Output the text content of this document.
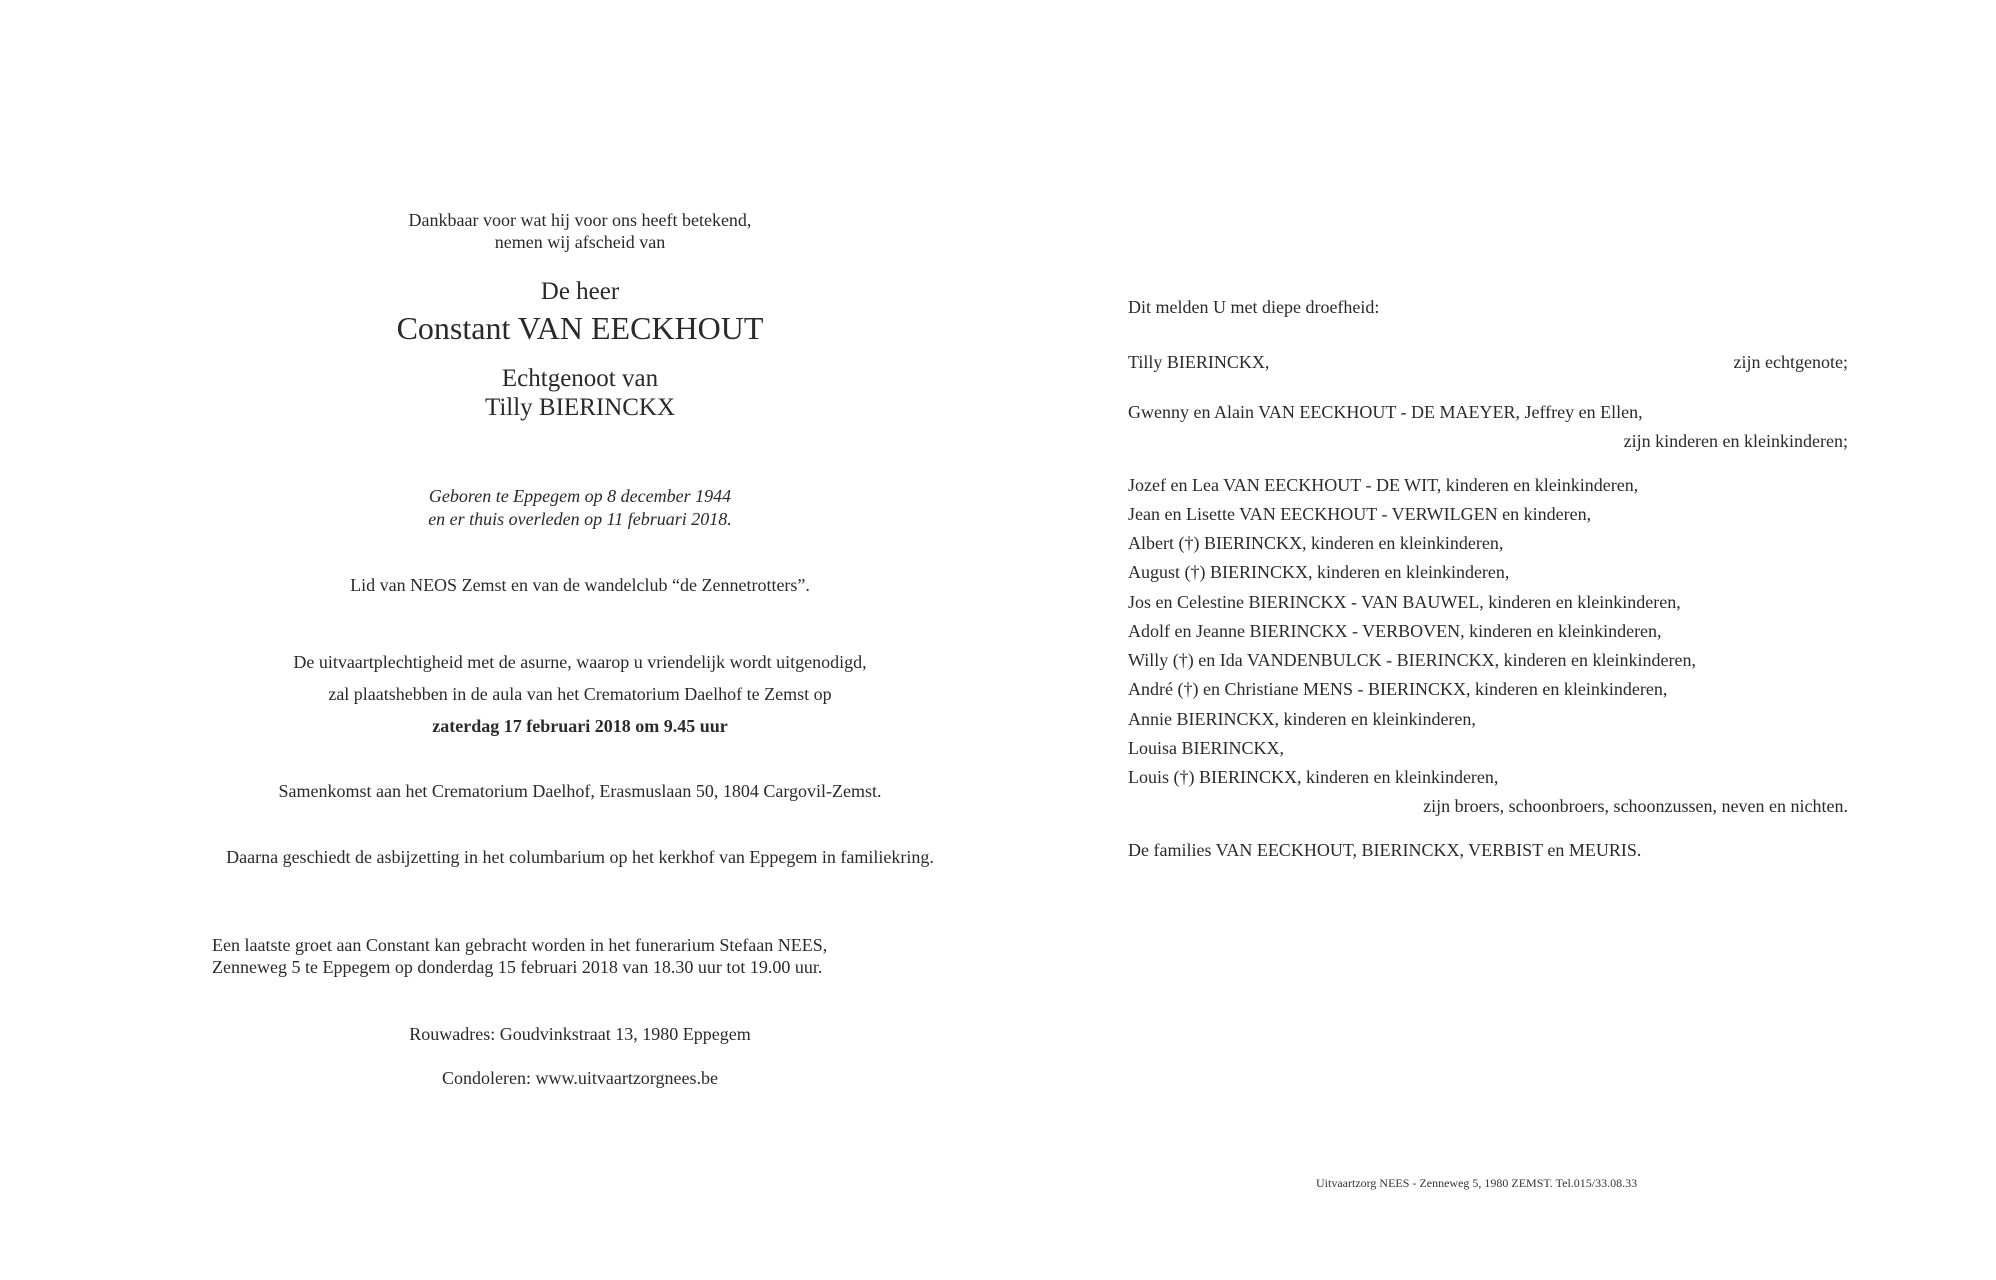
Dankbaar voor wat hij voor ons heeft betekend,
nemen wij afscheid van
De heer
Constant VAN EECKHOUT
Echtgenoot van
Tilly BIERINCKX
Geboren te Eppegem op 8 december 1944
en er thuis overleden op 11 februari 2018.
Lid van NEOS Zemst en van de wandelclub “de Zennetrotters”.
De uitvaartplechtigheid met de asurne, waarop u vriendelijk wordt uitgenodigd,
zal plaatshebben in de aula van het Crematorium Daelhof te Zemst op
zaterdag 17 februari 2018 om 9.45 uur
Samenkomst aan het Crematorium Daelhof, Erasmuslaan 50, 1804 Cargovil-Zemst.
Daarna geschiedt de asbijzetting in het columbarium op het kerkhof van Eppegem in familiekring.
Een laatste groet aan Constant kan gebracht worden in het funerarium Stefaan NEES,
Zenneweg 5 te Eppegem op donderdag 15 februari 2018 van 18.30 uur tot 19.00 uur.
Rouwadres: Goudvinkstraat 13, 1980 Eppegem
Condoleren: www.uitvaartzorgnees.be
Dit melden U met diepe droefheid:
Tilly BIERINCKX,	zijn echtgenote;
Gwenny en Alain VAN EECKHOUT - DE MAEYER, Jeffrey en Ellen,
zijn kinderen en kleinkinderen;
Jozef en Lea VAN EECKHOUT - DE WIT, kinderen en kleinkinderen,
Jean en Lisette VAN EECKHOUT - VERWILGEN en kinderen,
Albert (†) BIERINCKX, kinderen en kleinkinderen,
August (†) BIERINCKX, kinderen en kleinkinderen,
Jos en Celestine BIERINCKX - VAN BAUWEL, kinderen en kleinkinderen,
Adolf en Jeanne BIERINCKX - VERBOVEN, kinderen en kleinkinderen,
Willy (†) en Ida VANDENBULCK - BIERINCKX, kinderen en kleinkinderen,
André (†) en Christiane MENS - BIERINCKX, kinderen en kleinkinderen,
Annie BIERINCKX, kinderen en kleinkinderen,
Louisa BIERINCKX,
Louis (†) BIERINCKX, kinderen en kleinkinderen,
zijn broers, schoonbroers, schoonzussen, neven en nichten.
De families VAN EECKHOUT, BIERINCKX, VERBIST en MEURIS.
Uitvaartzorg NEES - Zenneweg 5, 1980 ZEMST. Tel.015/33.08.33
